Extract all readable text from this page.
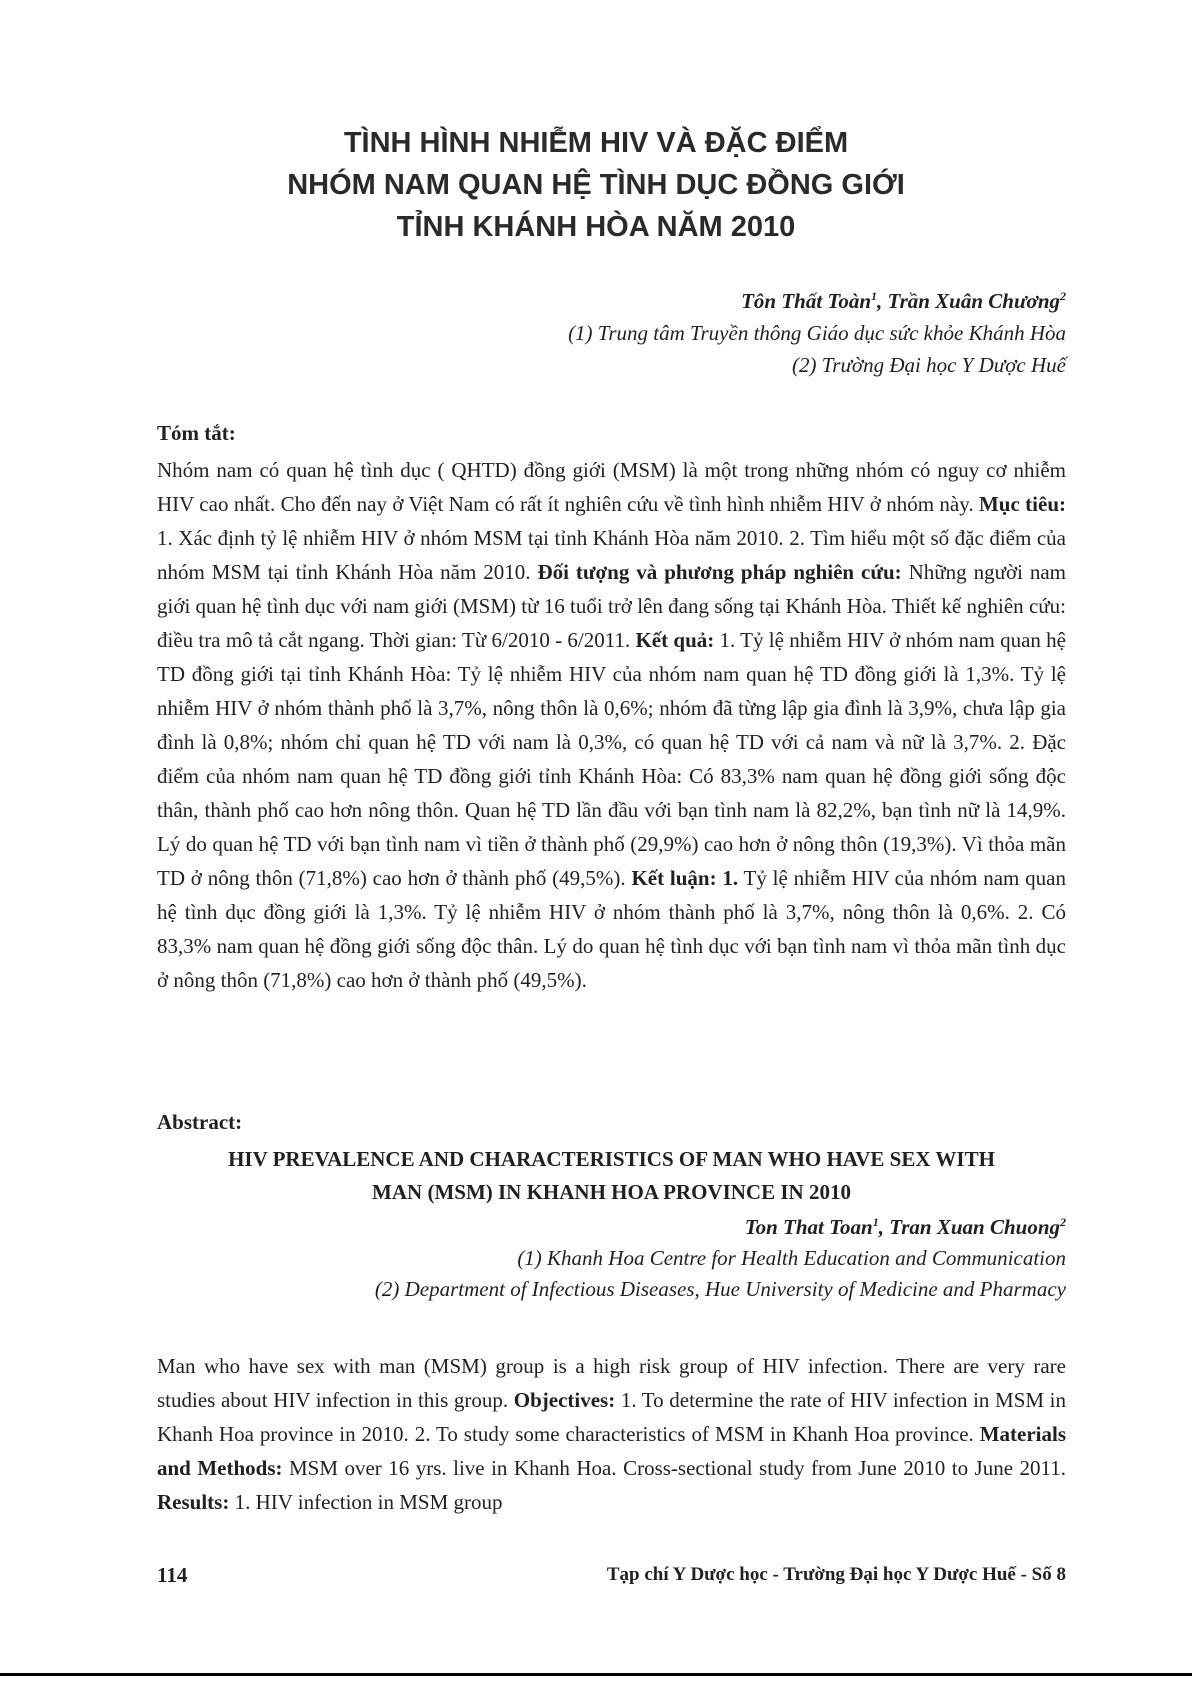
TÌNH HÌNH NHIỄM HIV VÀ ĐẶC ĐIỂM
NHÓM NAM QUAN HỆ TÌNH DỤC ĐỒNG GIỚI
TỈNH KHÁNH HÒA NĂM 2010
Tôn Thất Toàn$^1$, Trần Xuân Chương$^2$
(1) Trung tâm Truyền thông Giáo dục sức khỏe Khánh Hòa
(2) Trường Đại học Y Dược Huế
Tóm tắt:
Nhóm nam có quan hệ tình dục ( QHTD) đồng giới (MSM) là một trong những nhóm có nguy cơ nhiễm HIV cao nhất. Cho đến nay ở Việt Nam có rất ít nghiên cứu về tình hình nhiễm HIV ở nhóm này. Mục tiêu: 1. Xác định tỷ lệ nhiễm HIV ở nhóm MSM tại tỉnh Khánh Hòa năm 2010. 2. Tìm hiểu một số đặc điểm của nhóm MSM tại tỉnh Khánh Hòa năm 2010. Đối tượng và phương pháp nghiên cứu: Những người nam giới quan hệ tình dục với nam giới (MSM) từ 16 tuổi trở lên đang sống tại Khánh Hòa. Thiết kế nghiên cứu: điều tra mô tả cắt ngang. Thời gian: Từ 6/2010 - 6/2011. Kết quả: 1. Tỷ lệ nhiễm HIV ở nhóm nam quan hệ TD đồng giới tại tỉnh Khánh Hòa: Tỷ lệ nhiễm HIV của nhóm nam quan hệ TD đồng giới là 1,3%. Tỷ lệ nhiễm HIV ở nhóm thành phố là 3,7%, nông thôn là 0,6%; nhóm đã từng lập gia đình là 3,9%, chưa lập gia đình là 0,8%; nhóm chỉ quan hệ TD với nam là 0,3%, có quan hệ TD với cả nam và nữ là 3,7%. 2. Đặc điểm của nhóm nam quan hệ TD đồng giới tỉnh Khánh Hòa: Có 83,3% nam quan hệ đồng giới sống độc thân, thành phố cao hơn nông thôn. Quan hệ TD lần đầu với bạn tình nam là 82,2%, bạn tình nữ là 14,9%. Lý do quan hệ TD với bạn tình nam vì tiền ở thành phố (29,9%) cao hơn ở nông thôn (19,3%). Vì thỏa mãn TD ở nông thôn (71,8%) cao hơn ở thành phố (49,5%). Kết luận: 1. Tỷ lệ nhiễm HIV của nhóm nam quan hệ tình dục đồng giới là 1,3%. Tỷ lệ nhiễm HIV ở nhóm thành phố là 3,7%, nông thôn là 0,6%. 2. Có 83,3% nam quan hệ đồng giới sống độc thân. Lý do quan hệ tình dục với bạn tình nam vì thỏa mãn tình dục ở nông thôn (71,8%) cao hơn ở thành phố (49,5%).
Abstract:
HIV PREVALENCE AND CHARACTERISTICS OF MAN WHO HAVE SEX WITH
MAN (MSM) IN KHANH HOA PROVINCE IN 2010
Ton That Toan$^1$, Tran Xuan Chuong$^2$
(1) Khanh Hoa Centre for Health Education and Communication
(2) Department of Infectious Diseases, Hue University of Medicine and Pharmacy
Man who have sex with man (MSM) group is a high risk group of HIV infection. There are very rare studies about HIV infection in this group. Objectives: 1. To determine the rate of HIV infection in MSM in Khanh Hoa province in 2010. 2. To study some characteristics of MSM in Khanh Hoa province. Materials and Methods: MSM over 16 yrs. live in Khanh Hoa. Cross-sectional study from June 2010 to June 2011. Results: 1. HIV infection in MSM group
114	Tạp chí Y Dược học - Trường Đại học Y Dược Huế - Số 8
